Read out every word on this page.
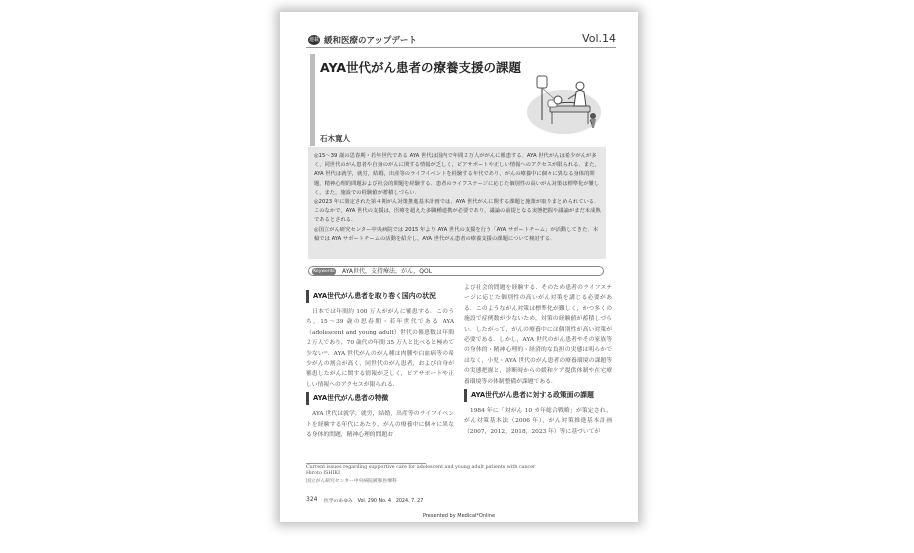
連載 緩和医療のアップデート	Vol.14
AYA世代がん患者の療養支援の課題
石木寛人

◎15〜39 歳の思春期・若年世代である AYA 世代は国内で年間２万人ががんに罹患する．AYA 世代がんは希少がんが多く，同世代のがん患者や自身のがんに関する情報が乏しく，ピアサポートや正しい情報へのアクセスが限られる．また，AYA 世代は就学，就労，結婚，出産等のライフイベントを経験する年代であり，がんの療養中に個々に異なる身体的問題，精神心理的問題および社会的問題を経験する．患者のライフステージに応じた個別性の高いがん対策は標準化が難しく，また，施設での経験値が蓄積しづらい．

◎2023 年に策定された第４期がん対策推進基本計画では，AYA 世代がんに関する課題と施策が取りまとめられている．このなかで，AYA 世代の支援は，医療を超えた多職種連携が必要であり，議論の前提となる実態把握や議論がまだ未成熟であるとされる．

◎国立がん研究センター中央病院では 2015 年より AYA 世代の支援を行う「AYA サポートチーム」が活動してきた．本稿では AYA サポートチームの活動を紹介し，AYA 世代がん患者の療養支援の課題について検討する．

Keywords AYA世代，支持療法，がん，QOL
AYA世代がん患者を取り巻く国内の状況

日本では年間約 100 万人ががんに罹患する．このうち，15〜39 歳の思春期・若年世代である AYA（adolescent and young adult）世代の罹患数は年間２万人であり，70 歳代の年間 35 万人と比べると極めて少ない¹⁾．AYA 世代がんのがん種は肉腫や白血病等の希少がんの割合が高く，同世代のがん患者，および自身が罹患したがんに関する情報が乏しく，ピアサポートや正しい情報へのアクセスが限られる．

AYA世代がん患者の特徴

AYA 世代は就学，就労，結婚，出産等のライフイベントを経験する年代にあたり，がんの療養中に個々に異なる身体的問題，精神心理的問題お

よび社会的問題を経験する．そのため患者のライフステージに応じた個別性の高いがん対策を講じる必要がある．このようながん対策は標準化が難しく，かつ多くの施設で症例数が少ないため，対策の経験値が蓄積しづらい．したがって，がんの療養中には個別性が高い対策が必要である．しかし，AYA 世代のがん患者やその家族等の身体的・精神心理的・経済的な負担の実態は明らかではなく，小児・AYA 世代のがん患者の療養環境の課題等の実態把握と，診断時からの緩和ケア提供体制や在宅療養環境等の体制整備が課題である．

AYA世代がん患者に対する政策面の課題

1984 年に「対がん 10 カ年総合戦略」が策定され，がん対策基本法（2006 年），がん対策推進基本計画（2007，2012，2018，2023 年）等に基づいてが

Current issues regarding supportive care for adolescent and young adult patients with cancer
Hiroto ISHIKI
国立がん研究センター中央病院緩和医療科
324 医学のあゆみ　Vol. 290 No. 4　2024. 7. 27
Presented by Medical*Online
